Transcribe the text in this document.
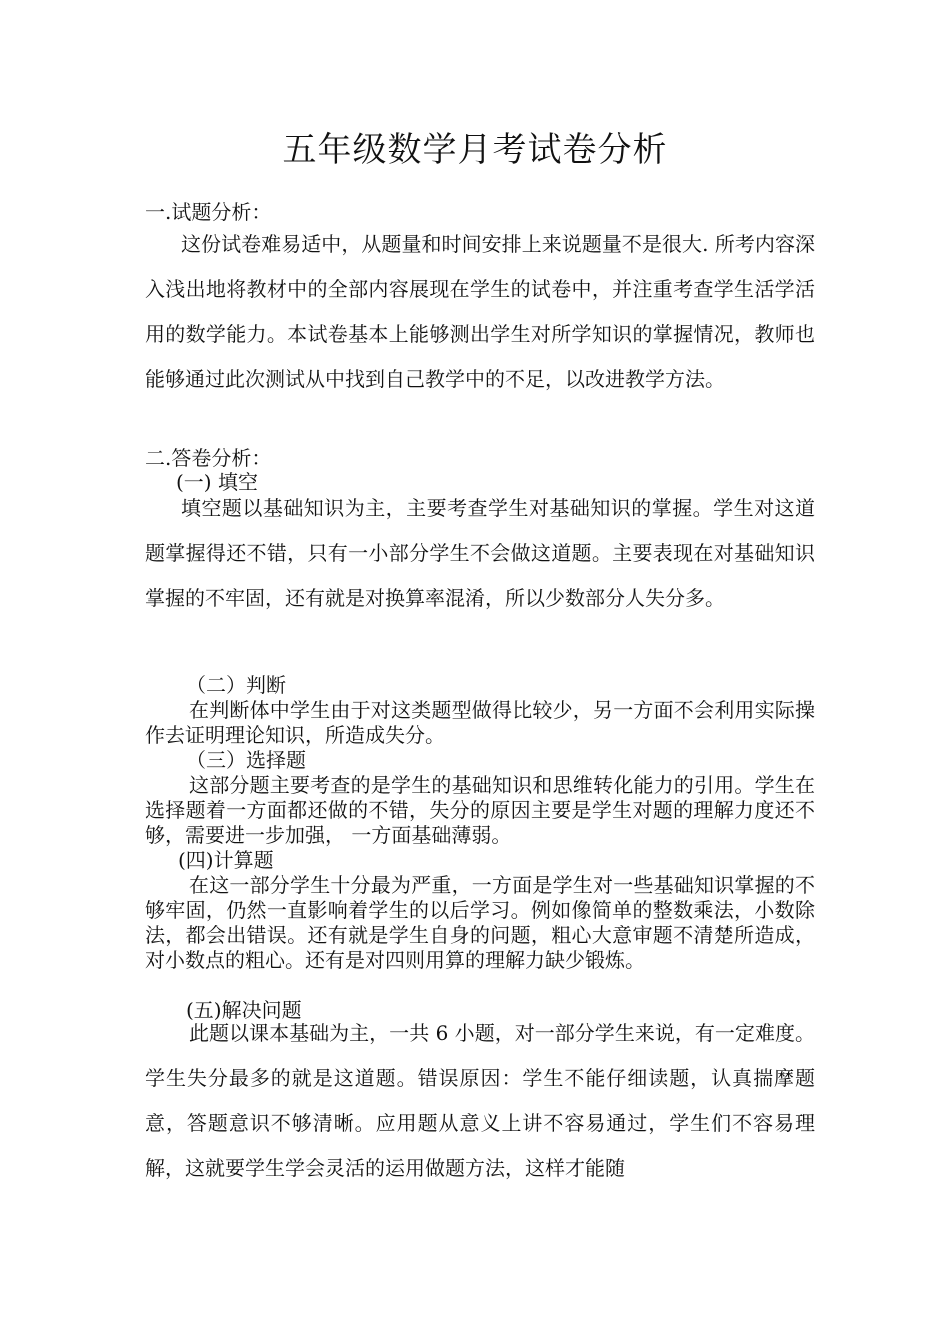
五年级数学月考试卷分析
一.试题分析：

这份试卷难易适中，从题量和时间安排上来说题量不是很大. 所考内容深入浅出地将教材中的全部内容展现在学生的试卷中，并注重考查学生活学活用的数学能力。本试卷基本上能够测出学生对所学知识的掌握情况，教师也能够通过此次测试从中找到自己教学中的不足，以改进教学方法。

二.答卷分析：
(一) 填空

填空题以基础知识为主，主要考查学生对基础知识的掌握。学生对这道题掌握得还不错，只有一小部分学生不会做这道题。主要表现在对基础知识掌握的不牢固，还有就是对换算率混淆，所以少数部分人失分多。

（二）判断

在判断体中学生由于对这类题型做得比较少，另一方面不会利用实际操作去证明理论知识，所造成失分。

（三）选择题

这部分题主要考查的是学生的基础知识和思维转化能力的引用。学生在选择题着一方面都还做的不错，失分的原因主要是学生对题的理解力度还不够，需要进一步加强， 一方面基础薄弱。

(四)计算题

在这一部分学生十分最为严重，一方面是学生对一些基础知识掌握的不够牢固，仍然一直影响着学生的以后学习。例如像简单的整数乘法，小数除法，都会出错误。还有就是学生自身的问题，粗心大意审题不清楚所造成，对小数点的粗心。还有是对四则用算的理解力缺少锻炼。

(五)解决问题

此题以课本基础为主，一共 6 小题，对一部分学生来说，有一定难度。学生失分最多的就是这道题。错误原因：学生不能仔细读题，认真揣摩题意，答题意识不够清晰。应用题从意义上讲不容易通过，学生们不容易理解，这就要学生学会灵活的运用做题方法，这样才能随
